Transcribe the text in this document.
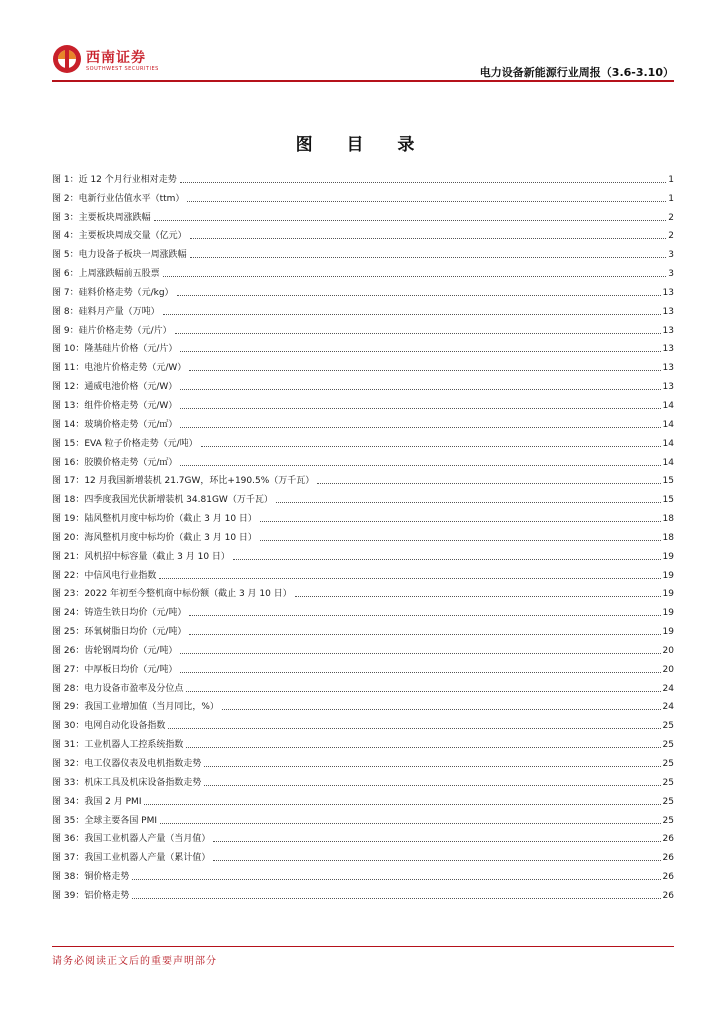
西南证券
SOUTHWEST SECURITIES	电力设备新能源行业周报（3.6-3.10）
图 目 录
图 1：近 12 个月行业相对走势	1
图 2：电新行业估值水平（ttm）	1
图 3：主要板块周涨跌幅	2
图 4：主要板块周成交量（亿元）	2
图 5：电力设备子板块一周涨跌幅	3
图 6：上周涨跌幅前五股票	3
图 7：硅料价格走势（元/kg）	13
图 8：硅料月产量（万吨）	13
图 9：硅片价格走势（元/片）	13
图 10：隆基硅片价格（元/片）	13
图 11：电池片价格走势（元/W）	13
图 12：通威电池价格（元/W）	13
图 13：组件价格走势（元/W）	14
图 14：玻璃价格走势（元/㎡）	14
图 15：EVA 粒子价格走势（元/吨）	14
图 16：胶膜价格走势（元/㎡）	14
图 17：12 月我国新增装机 21.7GW，环比+190.5%（万千瓦）	15
图 18：四季度我国光伏新增装机 34.81GW（万千瓦）	15
图 19：陆风整机月度中标均价（截止 3 月 10 日）	18
图 20：海风整机月度中标均价（截止 3 月 10 日）	18
图 21：风机招中标容量（截止 3 月 10 日）	19
图 22：中信风电行业指数	19
图 23：2022 年初至今整机商中标份额（截止 3 月 10 日）	19
图 24：铸造生铁日均价（元/吨）	19
图 25：环氧树脂日均价（元/吨）	19
图 26：齿轮钢周均价（元/吨）	20
图 27：中厚板日均价（元/吨）	20
图 28：电力设备市盈率及分位点	24
图 29：我国工业增加值（当月同比，%）	24
图 30：电网自动化设备指数	25
图 31：工业机器人工控系统指数	25
图 32：电工仪器仪表及电机指数走势	25
图 33：机床工具及机床设备指数走势	25
图 34：我国 2 月 PMI	25
图 35：全球主要各国 PMI	25
图 36：我国工业机器人产量（当月值）	26
图 37：我国工业机器人产量（累计值）	26
图 38：铜价格走势	26
图 39：铝价格走势	26
请务必阅读正文后的重要声明部分
